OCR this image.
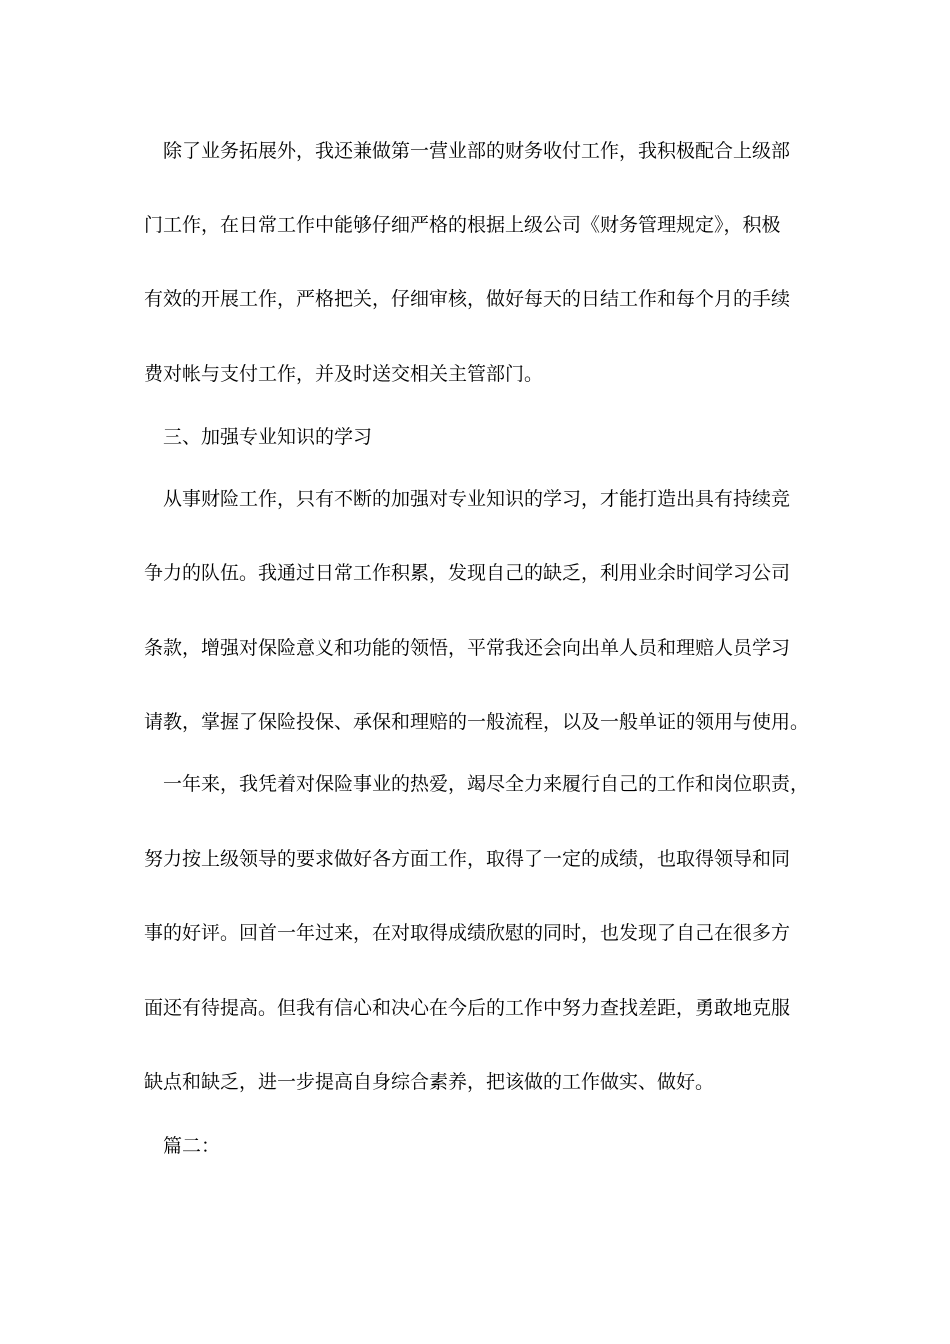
除了业务拓展外，我还兼做第一营业部的财务收付工作，我积极配合上级部
门工作，在日常工作中能够仔细严格的根据上级公司《财务管理规定》，积极
有效的开展工作，严格把关，仔细审核，做好每天的日结工作和每个月的手续
费对帐与支付工作，并及时送交相关主管部门。
三、加强专业知识的学习
从事财险工作，只有不断的加强对专业知识的学习，才能打造出具有持续竞
争力的队伍。我通过日常工作积累，发现自己的缺乏，利用业余时间学习公司
条款，增强对保险意义和功能的领悟，平常我还会向出单人员和理赔人员学习
请教，掌握了保险投保、承保和理赔的一般流程，以及一般单证的领用与使用。
一年来，我凭着对保险事业的热爱，竭尽全力来履行自己的工作和岗位职责，
努力按上级领导的要求做好各方面工作，取得了一定的成绩，也取得领导和同
事的好评。回首一年过来，在对取得成绩欣慰的同时，也发现了自己在很多方
面还有待提高。但我有信心和决心在今后的工作中努力查找差距，勇敢地克服
缺点和缺乏，进一步提高自身综合素养，把该做的工作做实、做好。
篇二：
